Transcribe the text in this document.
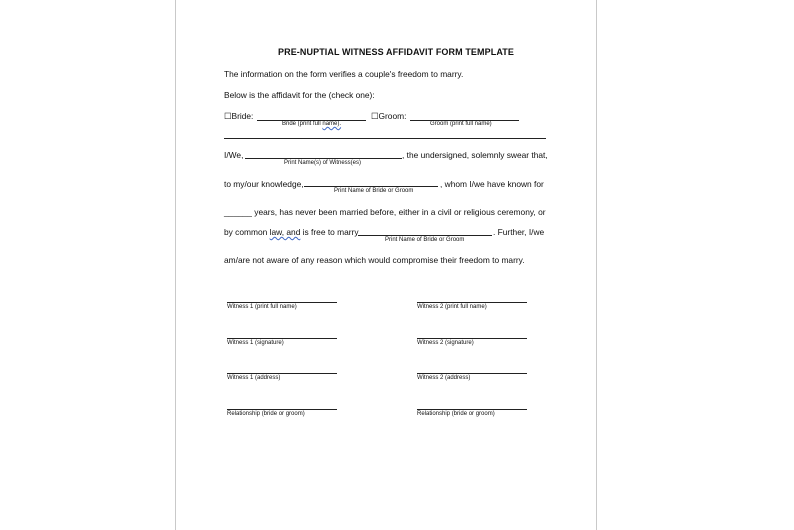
PRE-NUPTIAL WITNESS AFFIDAVIT FORM TEMPLATE
The information on the form verifies a couple's freedom to marry.
Below is the affidavit for the (check one):
☐Bride:	☐Groom:
Bride (print full name).	Groom (print full name)
I/We,	, the undersigned, solemnly swear that,
Print Name(s) of Witness(es)
to my/our knowledge,	, whom I/we have known for
Print Name of Bride or Groom
______ years, has never been married before, either in a civil or religious ceremony, or
by common law, and is free to marry	. Further, I/we
Print Name of Bride or Groom
am/are not aware of any reason which would compromise their freedom to marry.
Witness 1 (print full name)	Witness 2 (print full name)
Witness 1 (signature)	Witness 2 (signature)
Witness 1 (address)	Witness 2 (address)
Relationship (bride or groom)	Relationship (bride or groom)
